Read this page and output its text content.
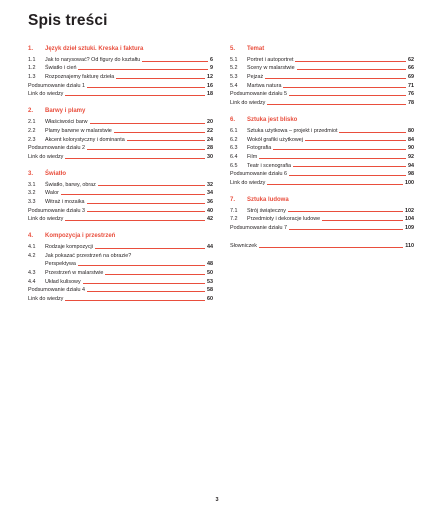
Spis treści
1.	Język dzieł sztuki. Kreska i faktura
1.1	Jak to narysować? Od figury do kształtu	6
1.2	Światło i cień	9
1.3	Rozpoznajemy fakturę dzieła	12
Podsumowanie działu 1	16
Link do wiedzy	18
2.	Barwy i plamy
2.1	Właściwości barw	20
2.2	Plamy barwne w malarstwie	22
2.3	Akcent kolorystyczny i dominanta	24
Podsumowanie działu 2	28
Link do wiedzy	30
3.	Światło
3.1	Światło, barwy, obraz	32
3.2	Walor	34
3.3	Witraż i mozaika	36
Podsumowanie działu 3	40
Link do wiedzy	42
4.	Kompozycja i przestrzeń
4.1	Rodzaje kompozycji	44
4.2	Jak pokazać przestrzeń na obrazie?
Perspektywa	48
4.3	Przestrzeń w malarstwie	50
4.4	Układ kulisowy	53
Podsumowanie działu 4	58
Link do wiedzy	60
5.	Temat
5.1	Portret i autoportret	62
5.2	Sceny w malarstwie	66
5.3	Pejzaż	69
5.4	Martwa natura	71
Podsumowanie działu 5	76
Link do wiedzy	78
6.	Sztuka jest blisko
6.1	Sztuka użytkowa – projekt i przedmiot	80
6.2	Wokół grafiki użytkowej	84
6.3	Fotografia	90
6.4	Film	92
6.5	Teatr i scenografia	94
Podsumowanie działu 6	98
Link do wiedzy	100
7.	Sztuka ludowa
7.1	Strój świąteczny	102
7.2	Przedmioty i dekoracje ludowe	104
Podsumowanie działu 7	109
Słowniczek	110
3
